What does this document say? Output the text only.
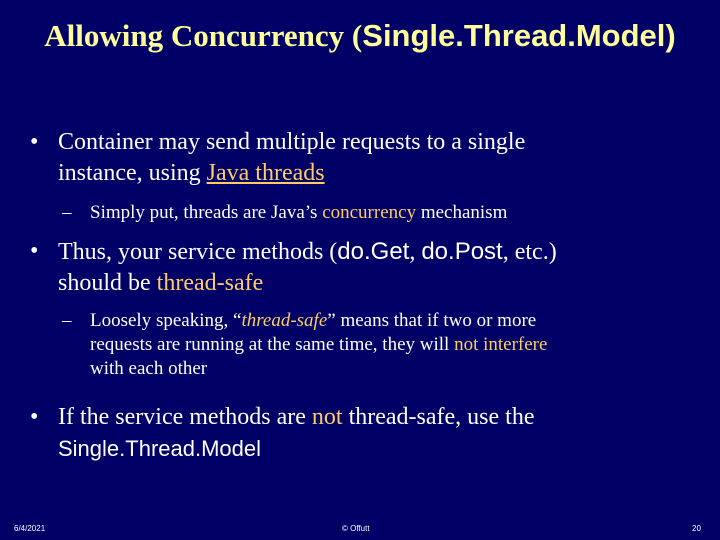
Allowing Concurrency (Single.Thread.Model)
• Container may send multiple requests to a single
instance, using Java threads
– Simply put, threads are Java’s concurrency mechanism
• Thus, your service methods (do.Get, do.Post, etc.)
should be thread-safe
– Loosely speaking, “thread-safe” means that if two or more
requests are running at the same time, they will not interfere
with each other
• If the service methods are not thread-safe, use the
Single.Thread.Model
6/4/2021	© Offutt	20
